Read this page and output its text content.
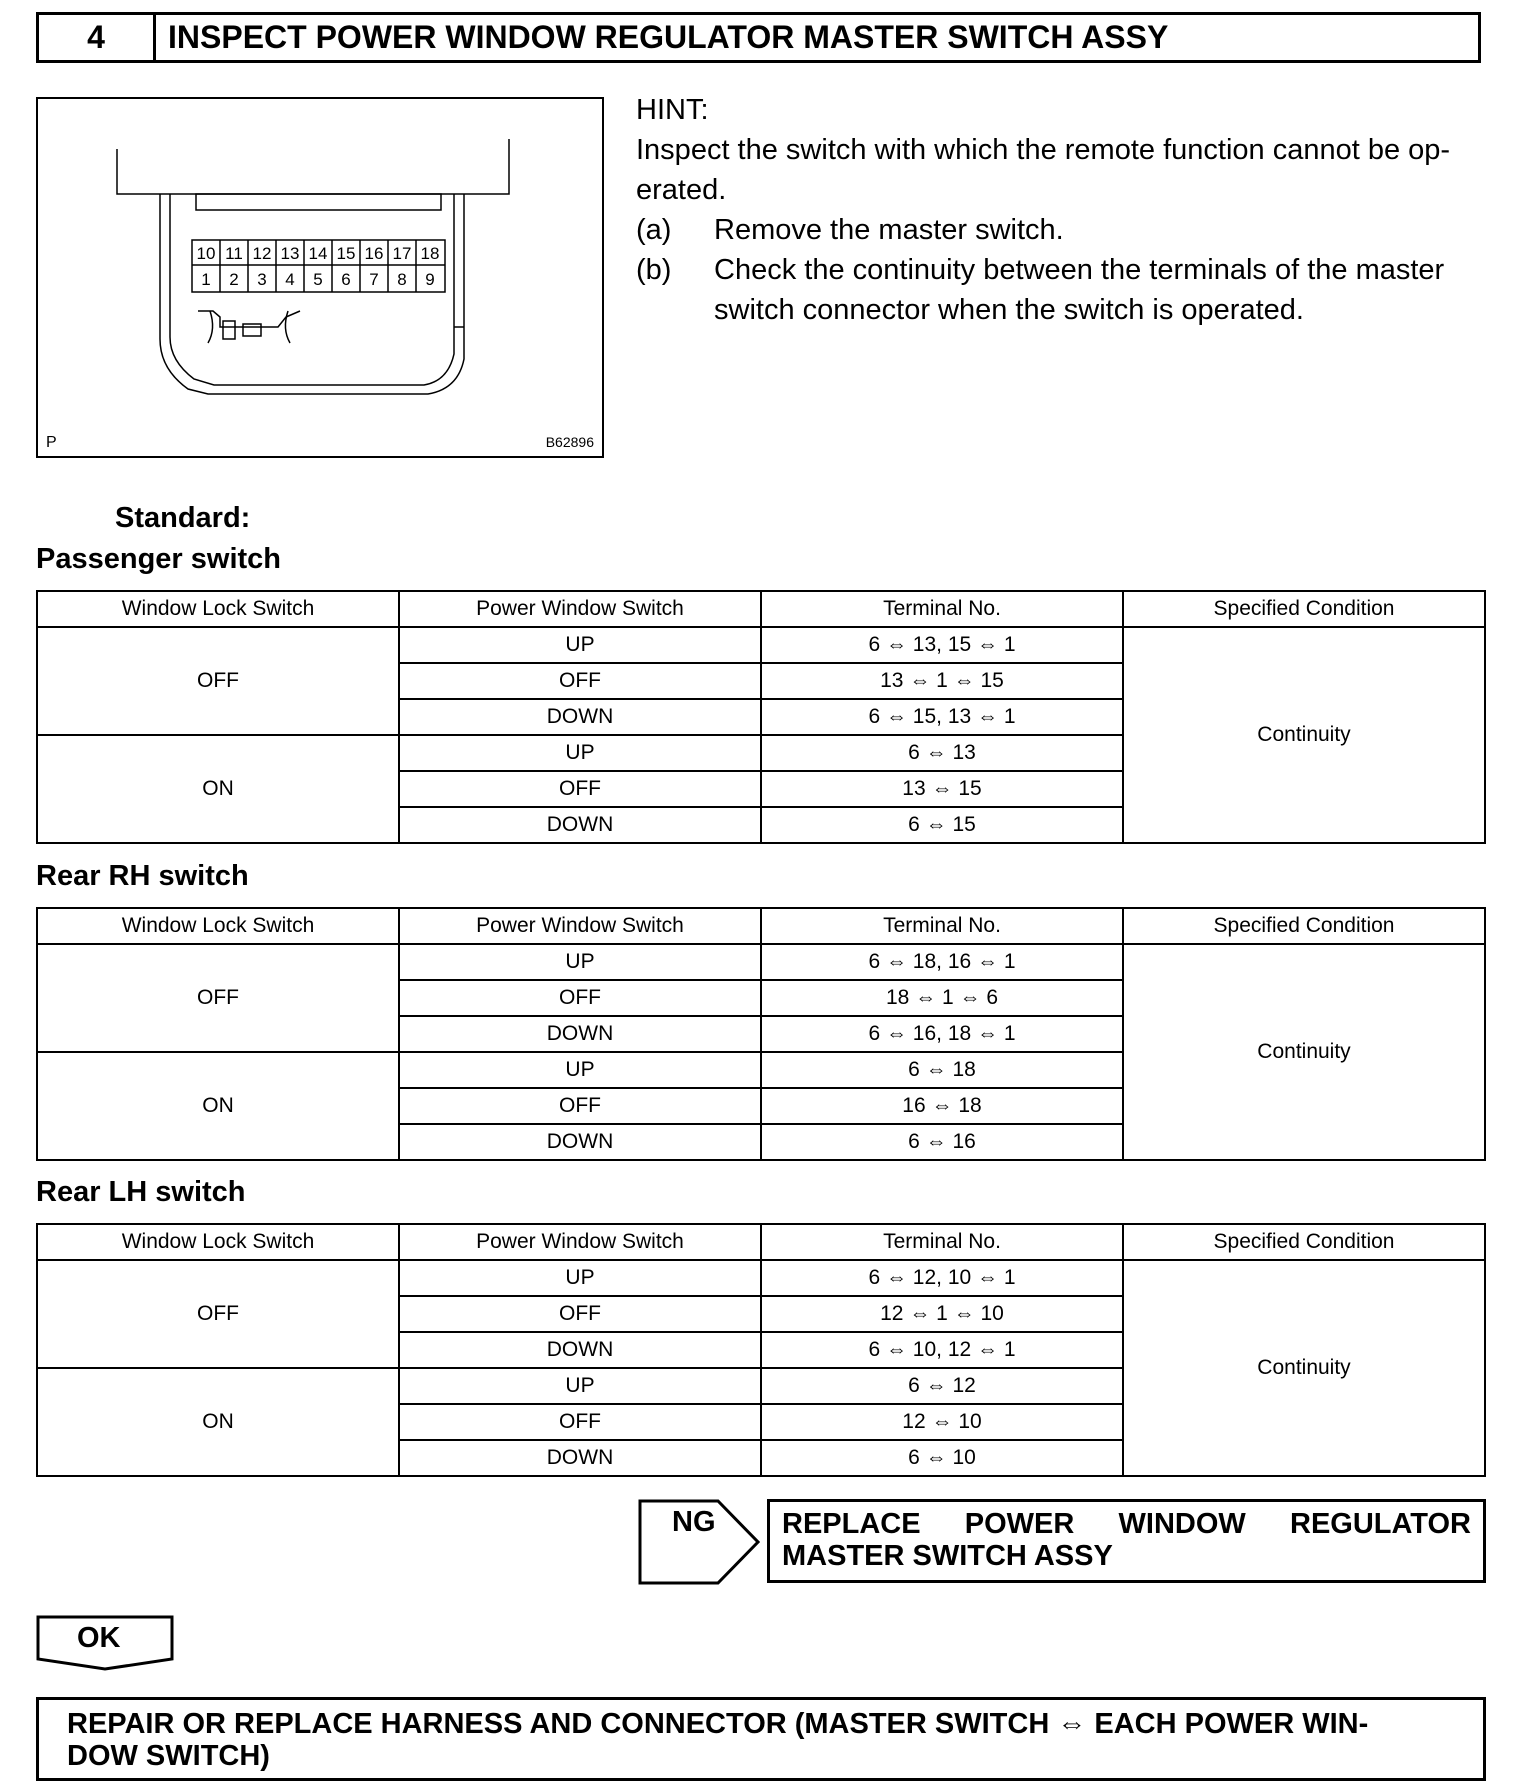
4	INSPECT POWER WINDOW REGULATOR MASTER SWITCH ASSY
10 11 12 13 14 15 16 17 18
1 2 3 4 5 6 7 8 9
P	B62896
HINT:
Inspect the switch with which the remote function cannot be op-
erated.
(a)	Remove the master switch.
(b)	Check the continuity between the terminals of the master
switch connector when the switch is operated.
Standard:
Passenger switch
Window Lock Switch	Power Window Switch	Terminal No.	Specified Condition
OFF	UP	6 ⇔ 13, 15 ⇔ 1	Continuity
	OFF	13 ⇔ 1 ⇔ 15	
	DOWN	6 ⇔ 15, 13 ⇔ 1	
ON	UP	6 ⇔ 13	
	OFF	13 ⇔ 15	
	DOWN	6 ⇔ 15	
Rear RH switch
Window Lock Switch	Power Window Switch	Terminal No.	Specified Condition
OFF	UP	6 ⇔ 18, 16 ⇔ 1	Continuity
	OFF	18 ⇔ 1 ⇔ 6	
	DOWN	6 ⇔ 16, 18 ⇔ 1	
ON	UP	6 ⇔ 18	
	OFF	16 ⇔ 18	
	DOWN	6 ⇔ 16	
Rear LH switch
Window Lock Switch	Power Window Switch	Terminal No.	Specified Condition
OFF	UP	6 ⇔ 12, 10 ⇔ 1	Continuity
	OFF	12 ⇔ 1 ⇔ 10	
	DOWN	6 ⇔ 10, 12 ⇔ 1	
ON	UP	6 ⇔ 12	
	OFF	12 ⇔ 10	
	DOWN	6 ⇔ 10	
NG REPLACE POWER WINDOW REGULATOR
MASTER SWITCH ASSY
OK
REPAIR OR REPLACE HARNESS AND CONNECTOR (MASTER SWITCH ⇔ EACH POWER WIN-
DOW SWITCH)
